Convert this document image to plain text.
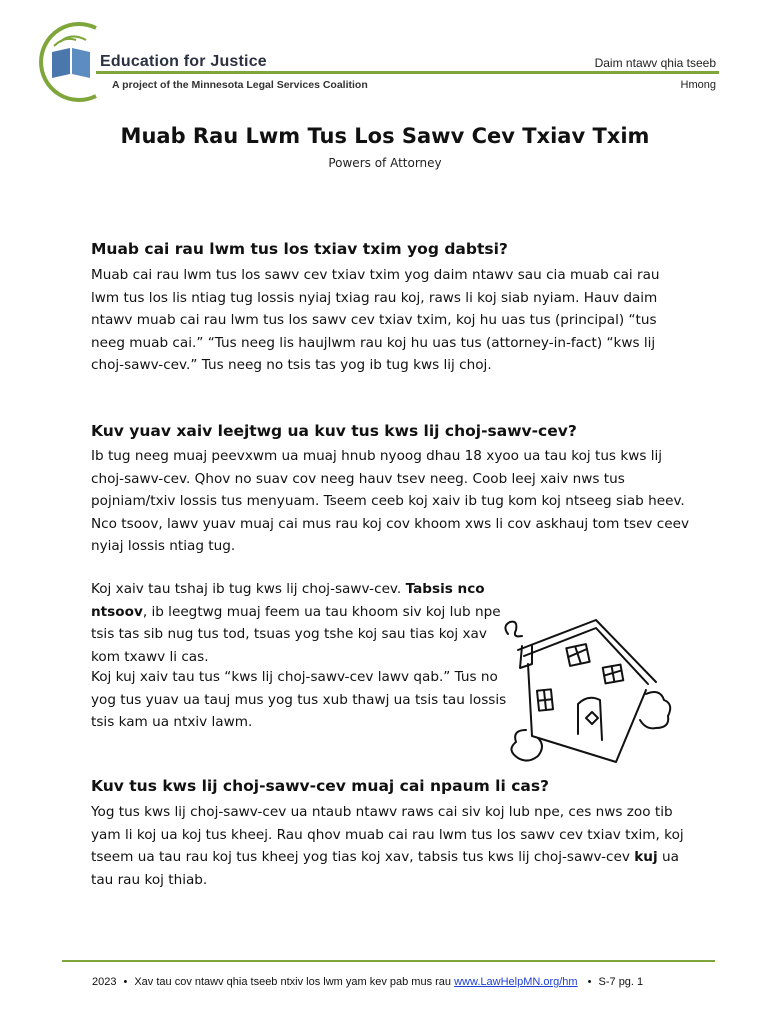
Education for Justice
A project of the Minnesota Legal Services Coalition
Daim ntawv qhia tseeb
Hmong
Muab Rau Lwm Tus Los Sawv Cev Txiav Txim
Powers of Attorney
Muab cai rau lwm tus los txiav txim yog dabtsi?
Muab cai rau lwm tus los sawv cev txiav txim yog daim ntawv sau cia muab cai rau lwm tus los lis ntiag tug lossis nyiaj txiag rau koj, raws li koj siab nyiam. Hauv daim ntawv muab cai rau lwm tus los sawv cev txiav txim, koj hu uas tus (principal) “tus neeg muab cai.” “Tus neeg lis haujlwm rau koj hu uas tus (attorney-in-fact) “kws lij choj-sawv-cev.” Tus neeg no tsis tas yog ib tug kws lij choj.
Kuv yuav xaiv leejtwg ua kuv tus kws lij choj-sawv-cev?
Ib tug neeg muaj peevxwm ua muaj hnub nyoog dhau 18 xyoo ua tau koj tus kws lij choj-sawv-cev. Qhov no suav cov neeg hauv tsev neeg. Coob leej xaiv nws tus pojniam/txiv lossis tus menyuam. Tseem ceeb koj xaiv ib tug kom koj ntseeg siab heev. Nco tsoov, lawv yuav muaj cai mus rau koj cov khoom xws li cov askhauj tom tsev ceev nyiaj lossis ntiag tug.
Koj xaiv tau tshaj ib tug kws lij choj-sawv-cev. Tabsis nco ntsoov, ib leegtwg muaj feem ua tau khoom siv koj lub npe tsis tas sib nug tus tod, tsuas yog tshe koj sau tias koj xav kom txawv li cas.
Koj kuj xaiv tau tus “kws lij choj-sawv-cev lawv qab.” Tus no yog tus yuav ua tauj mus yog tus xub thawj ua tsis tau lossis tsis kam ua ntxiv lawm.
Kuv tus kws lij choj-sawv-cev muaj cai npaum li cas?
Yog tus kws lij choj-sawv-cev ua ntaub ntawv raws cai siv koj lub npe, ces nws zoo tib yam li koj ua koj tus kheej. Rau qhov muab cai rau lwm tus los sawv cev txiav txim, koj tseem ua tau rau koj tus kheej yog tias koj xav, tabsis tus kws lij choj-sawv-cev kuj ua tau rau koj thiab.
2023 • Xav tau cov ntawv qhia tseeb ntxiv los lwm yam kev pab mus rau www.LawHelpMN.org/hm • S-7 pg. 1
